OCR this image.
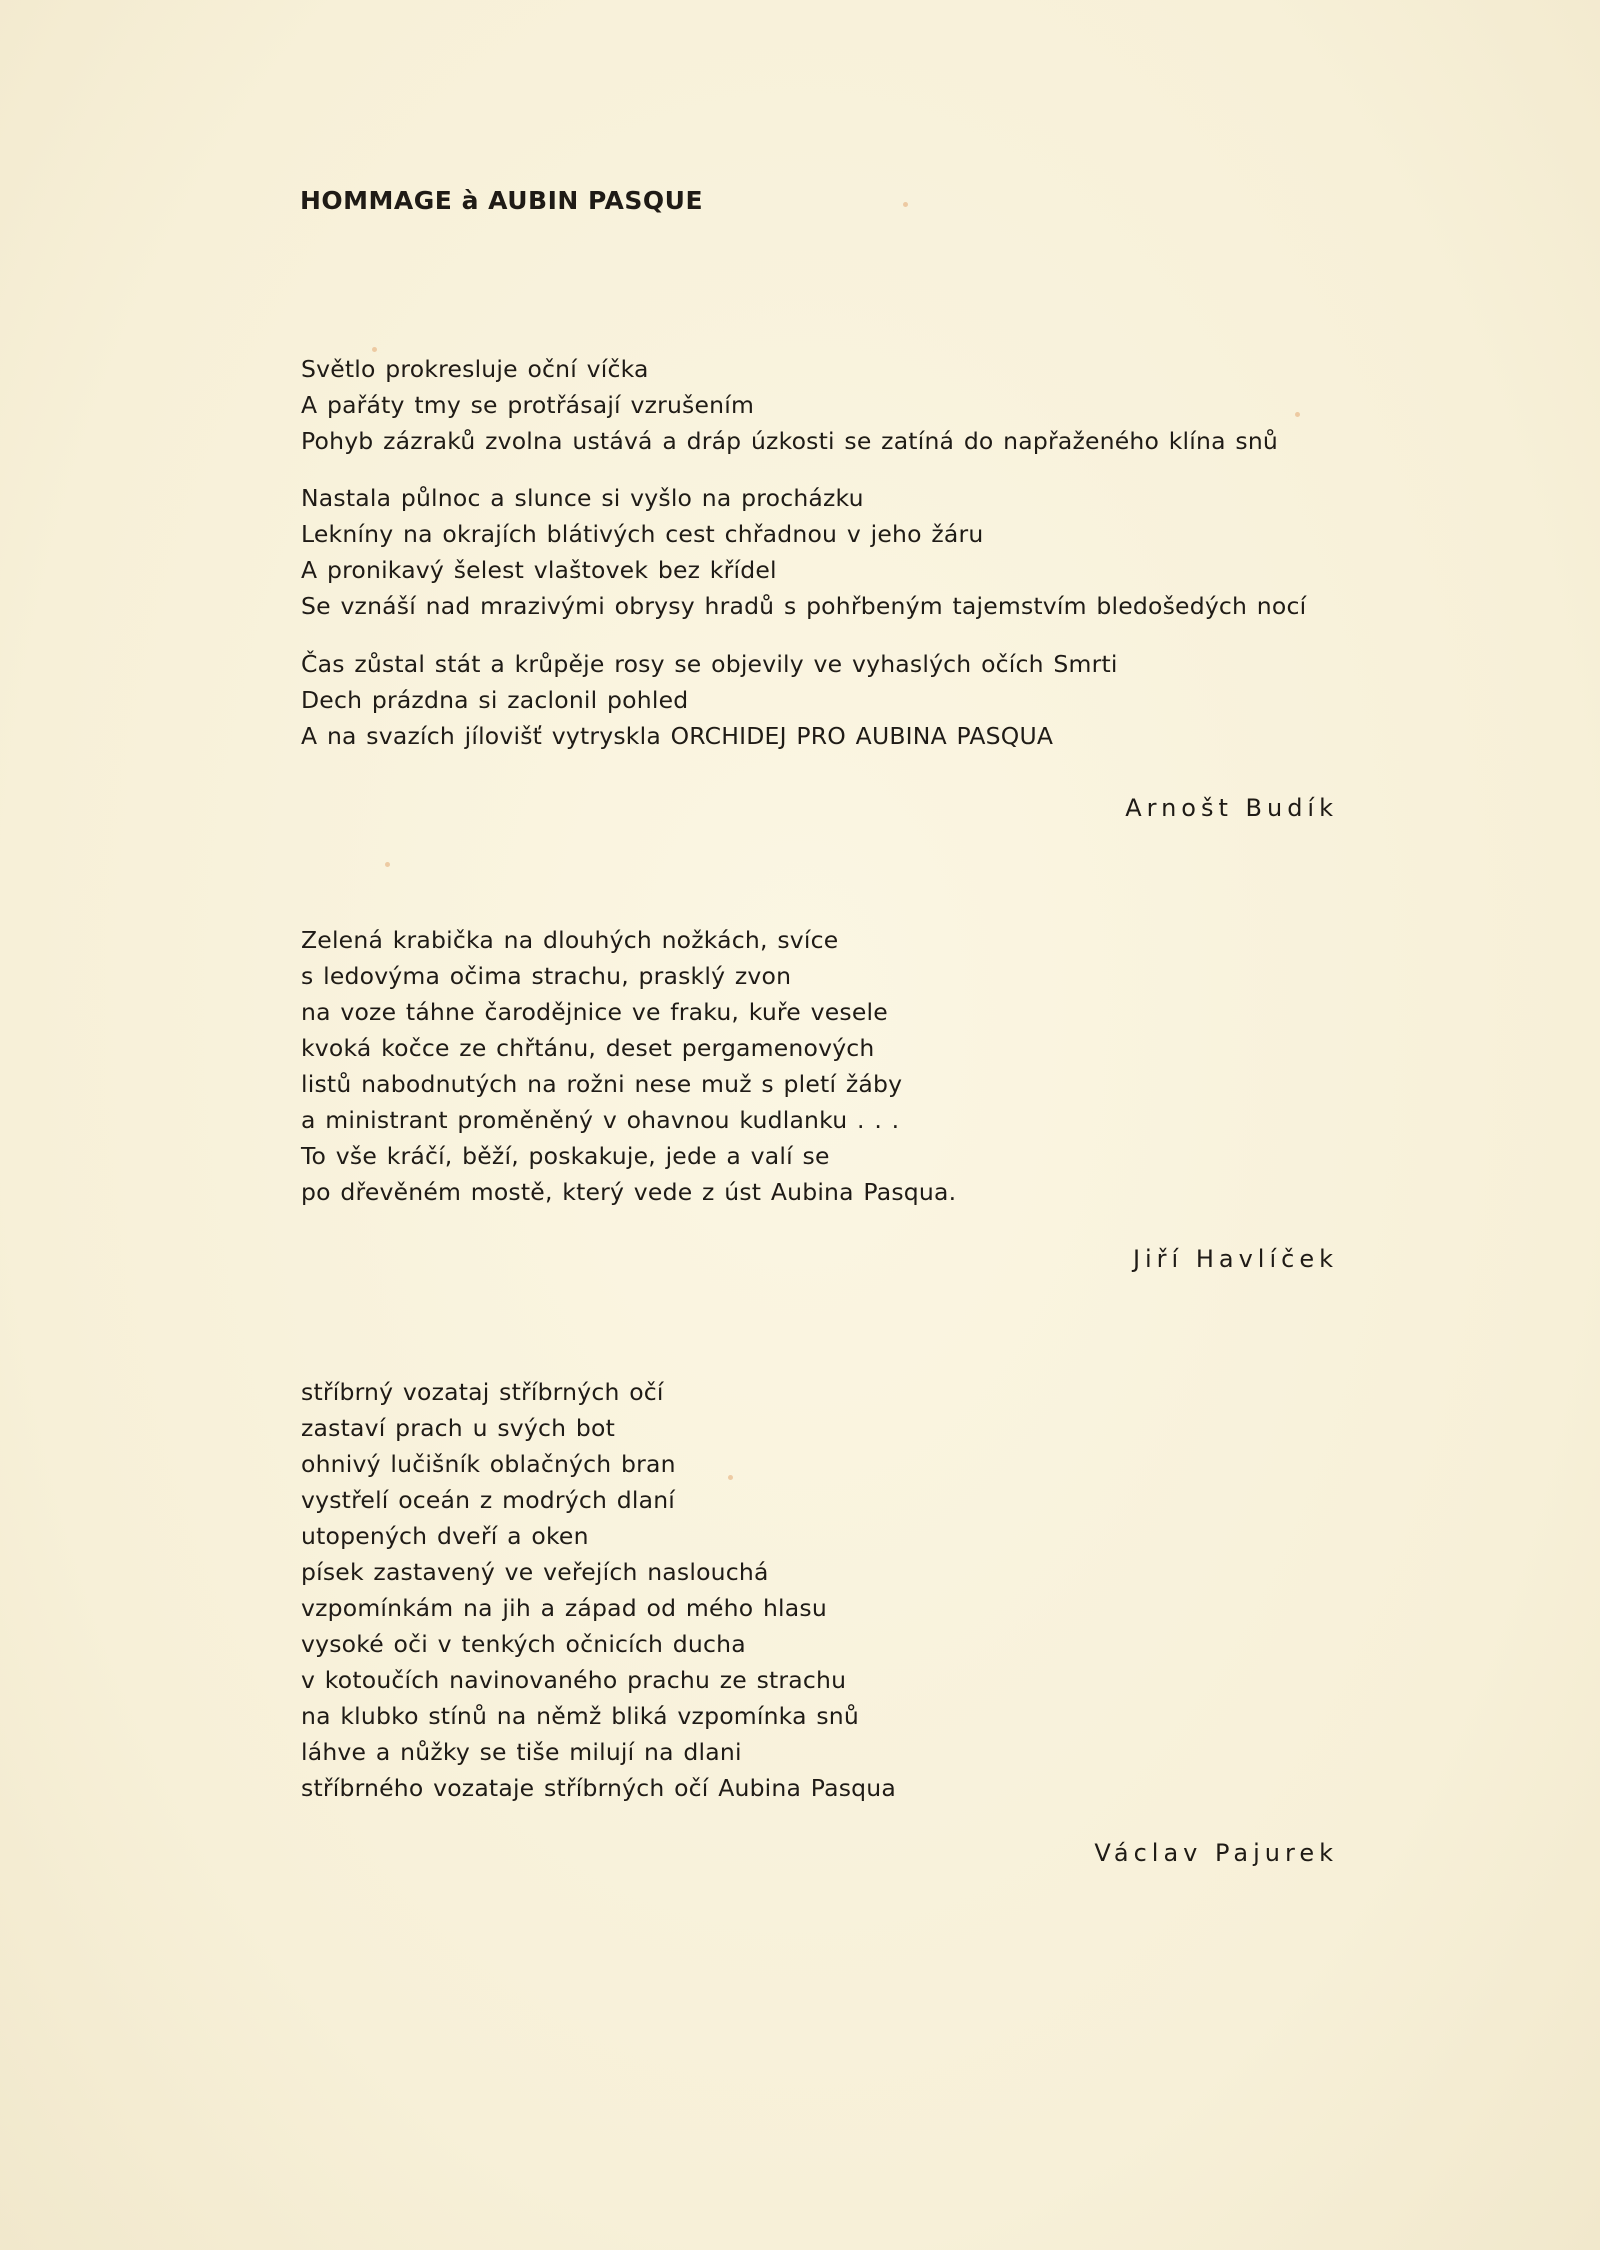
HOMMAGE à AUBIN PASQUE
Světlo prokresluje oční víčka
A pařáty tmy se protřásají vzrušením
Pohyb zázraků zvolna ustává a dráp úzkosti se zatíná do napřaženého klína snů
Nastala půlnoc a slunce si vyšlo na procházku
Lekníny na okrajích blátivých cest chřadnou v jeho žáru
A pronikavý šelest vlaštovek bez křídel
Se vznáší nad mrazivými obrysy hradů s pohřbeným tajemstvím bledošedých nocí
Čas zůstal stát a krůpěje rosy se objevily ve vyhaslých očích Smrti
Dech prázdna si zaclonil pohled
A na svazích jílovišť vytryskla ORCHIDEJ PRO AUBINA PASQUA
Arnošt Budík
Zelená krabička na dlouhých nožkách, svíce
s ledovýma očima strachu, prasklý zvon
na voze táhne čarodějnice ve fraku, kuře vesele
kvoká kočce ze chřtánu, deset pergamenových
listů nabodnutých na rožni nese muž s pletí žáby
a ministrant proměněný v ohavnou kudlanku . . .
To vše kráčí, běží, poskakuje, jede a valí se
po dřevěném mostě, který vede z úst Aubina Pasqua.
Jiří Havlíček
stříbrný vozataj stříbrných očí
zastaví prach u svých bot
ohnivý lučišník oblačných bran
vystřelí oceán z modrých dlaní
utopených dveří a oken
písek zastavený ve veřejích naslouchá
vzpomínkám na jih a západ od mého hlasu
vysoké oči v tenkých očnicích ducha
v kotoučích navinovaného prachu ze strachu
na klubko stínů na němž bliká vzpomínka snů
láhve a nůžky se tiše milují na dlani
stříbrného vozataje stříbrných očí Aubina Pasqua
Václav Pajurek
